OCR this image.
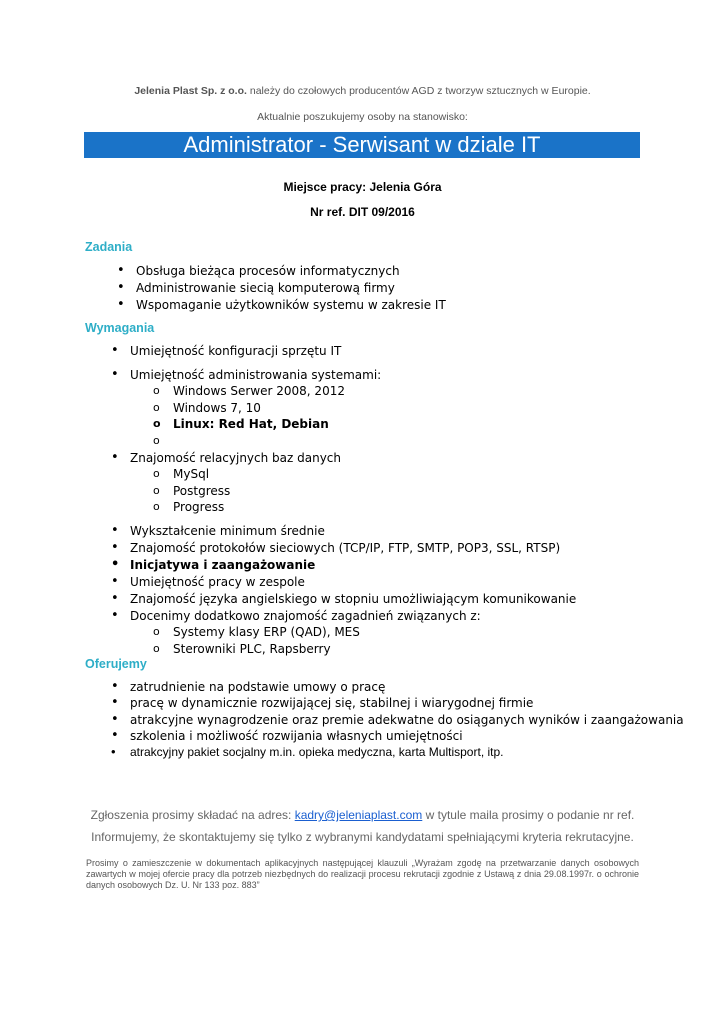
Jelenia Plast Sp. z o.o. należy do czołowych producentów AGD z tworzyw sztucznych w Europie.
Aktualnie poszukujemy osoby na stanowisko:
Administrator - Serwisant w dziale IT
Miejsce pracy: Jelenia Góra
Nr ref. DIT 09/2016
Zadania
• Obsługa bieżąca procesów informatycznych
• Administrowanie siecią komputerową firmy
• Wspomaganie użytkowników systemu w zakresie IT
Wymagania
• Umiejętność konfiguracji sprzętu IT
• Umiejętność administrowania systemami:
o Windows Serwer 2008, 2012
o Windows 7, 10
o Linux: Red Hat, Debian
• Znajomość relacyjnych baz danych
o MySql
o Postgress
o Progress
• Wykształcenie minimum średnie
• Znajomość protokołów sieciowych (TCP/IP, FTP, SMTP, POP3, SSL, RTSP)
• Inicjatywa i zaangażowanie
• Umiejętność pracy w zespole
• Znajomość języka angielskiego w stopniu umożliwiającym komunikowanie
• Docenimy dodatkowo znajomość zagadnień związanych z:
o Systemy klasy ERP (QAD), MES
o Sterowniki PLC, Rapsberry
Oferujemy
• zatrudnienie na podstawie umowy o pracę
• pracę w dynamicznie rozwijającej się, stabilnej i wiarygodnej firmie
• atrakcyjne wynagrodzenie oraz premie adekwatne do osiąganych wyników i zaangażowania
• szkolenia i możliwość rozwijania własnych umiejętności
• atrakcyjny pakiet socjalny m.in. opieka medyczna, karta Multisport, itp.
Zgłoszenia prosimy składać na adres: kadry@jeleniaplast.com w tytule maila prosimy o podanie nr ref.
Informujemy, że skontaktujemy się tylko z wybranymi kandydatami spełniającymi kryteria rekrutacyjne.
Prosimy o zamieszczenie w dokumentach aplikacyjnych następującej klauzuli „Wyrażam zgodę na przetwarzanie danych osobowych zawartych w mojej ofercie pracy dla potrzeb niezbędnych do realizacji procesu rekrutacji zgodnie z Ustawą z dnia 29.08.1997r. o ochronie danych osobowych Dz. U. Nr 133 poz. 883”
